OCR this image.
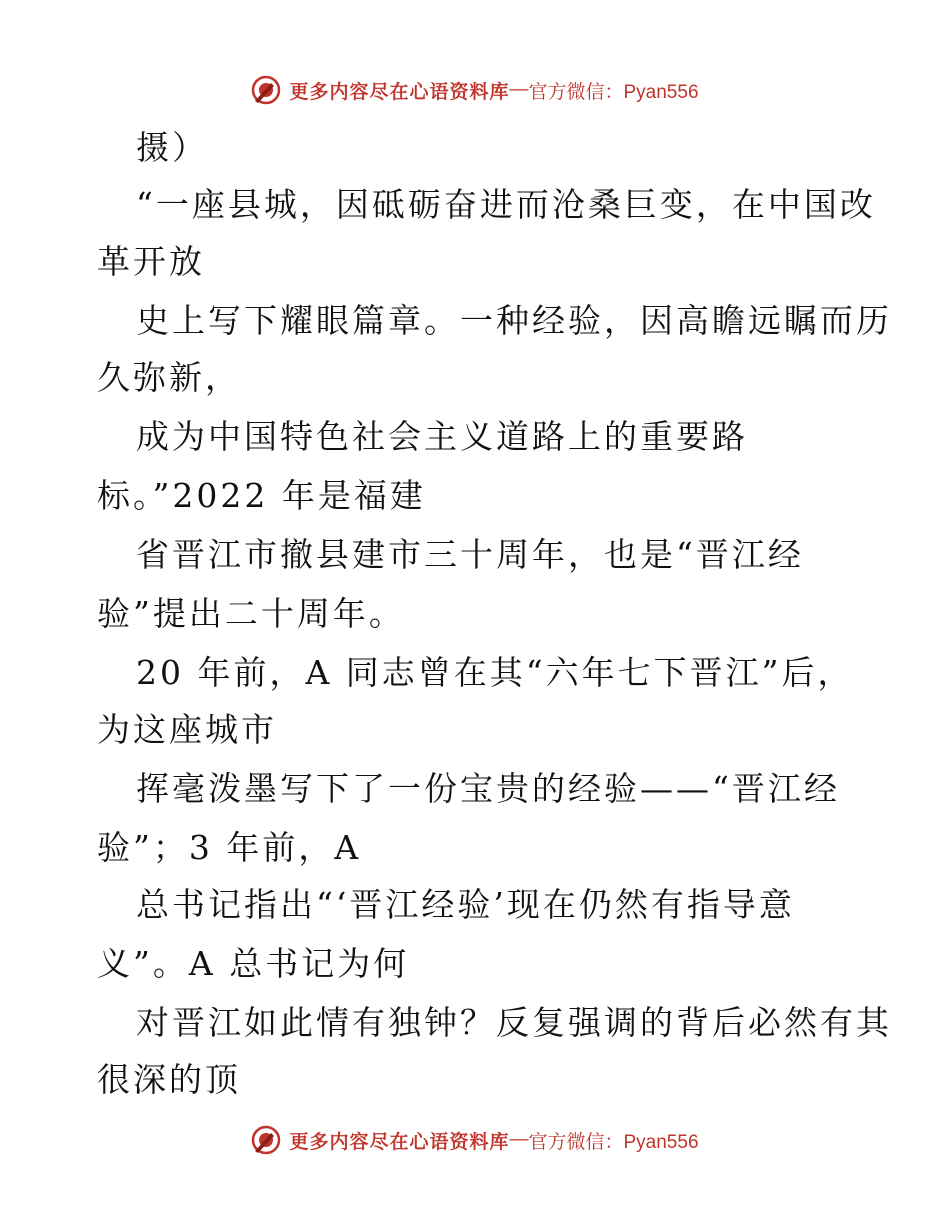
更多内容尽在心语资料库 — 官方微信：Pyan556
摄）
“一座县城，因砥砺奋进而沧桑巨变，在中国改
革开放
史上写下耀眼篇章。一种经验，因高瞻远瞩而历
久弥新，
成为中国特色社会主义道路上的重要路
标。”2022 年是福建
省晋江市撤县建市三十周年，也是“晋江经
验”提出二十周年。
20 年前，A 同志曾在其“六年七下晋江”后，
为这座城市
挥毫泼墨写下了一份宝贵的经验——“晋江经
验”；3 年前，A
总书记指出“‘晋江经验’现在仍然有指导意
义”。A 总书记为何
对晋江如此情有独钟？反复强调的背后必然有其
很深的顶
更多内容尽在心语资料库 — 官方微信：Pyan556
